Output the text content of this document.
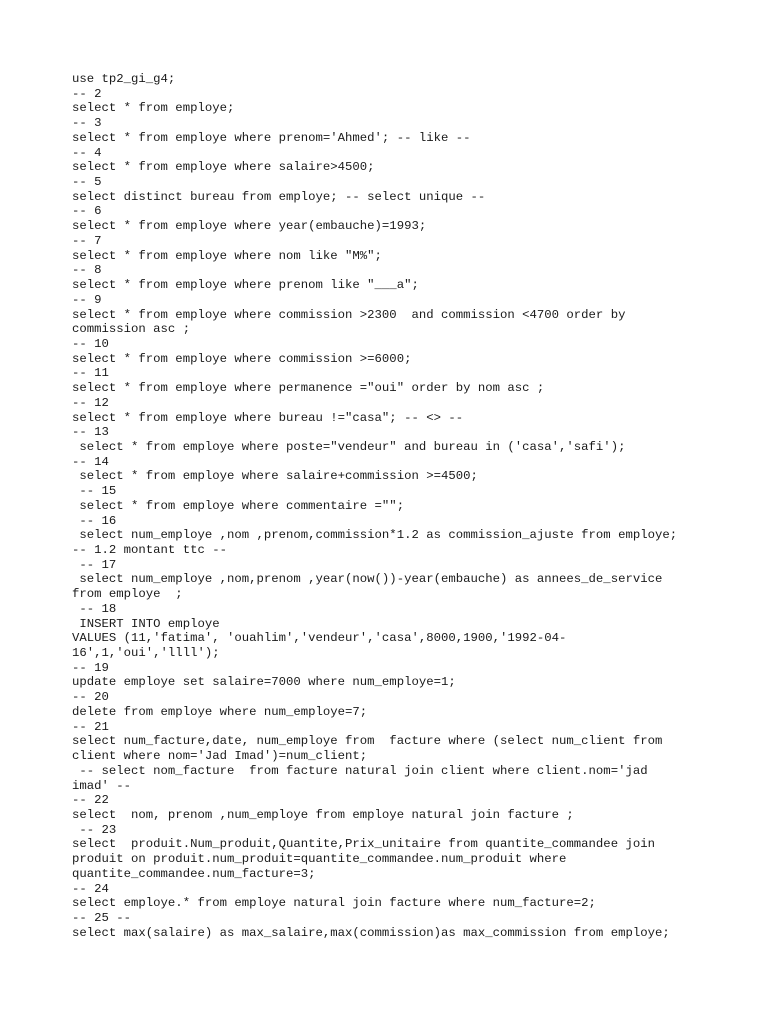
use tp2_gi_g4;
-- 2
select * from employe;
-- 3
select * from employe where prenom='Ahmed'; -- like --
-- 4
select * from employe where salaire>4500;
-- 5
select distinct bureau from employe; -- select unique --
-- 6
select * from employe where year(embauche)=1993;
-- 7
select * from employe where nom like "M%";
-- 8
select * from employe where prenom like "___a";
-- 9
select * from employe where commission >2300  and commission <4700 order by
commission asc ;
-- 10
select * from employe where commission >=6000;
-- 11
select * from employe where permanence ="oui" order by nom asc ;
-- 12
select * from employe where bureau !="casa"; -- <> --
-- 13
select * from employe where poste="vendeur" and bureau in ('casa','safi');
-- 14
select * from employe where salaire+commission >=4500;
-- 15
select * from employe where commentaire ="";
-- 16
select num_employe ,nom ,prenom,commission*1.2 as commission_ajuste from employe;
-- 1.2 montant ttc --
-- 17
select num_employe ,nom,prenom ,year(now())-year(embauche) as annees_de_service
from employe  ;
-- 18
INSERT INTO employe
VALUES (11,'fatima', 'ouahlim','vendeur','casa',8000,1900,'1992-04-
16',1,'oui','llll');
-- 19
update employe set salaire=7000 where num_employe=1;
-- 20
delete from employe where num_employe=7;
-- 21
select num_facture,date, num_employe from  facture where (select num_client from
client where nom='Jad Imad')=num_client;
-- select nom_facture  from facture natural join client where client.nom='jad
imad' --
-- 22
select  nom, prenom ,num_employe from employe natural join facture ;
-- 23
select  produit.Num_produit,Quantite,Prix_unitaire from quantite_commandee join
produit on produit.num_produit=quantite_commandee.num_produit where
quantite_commandee.num_facture=3;
-- 24
select employe.* from employe natural join facture where num_facture=2;
-- 25 --
select max(salaire) as max_salaire,max(commission)as max_commission from employe;
